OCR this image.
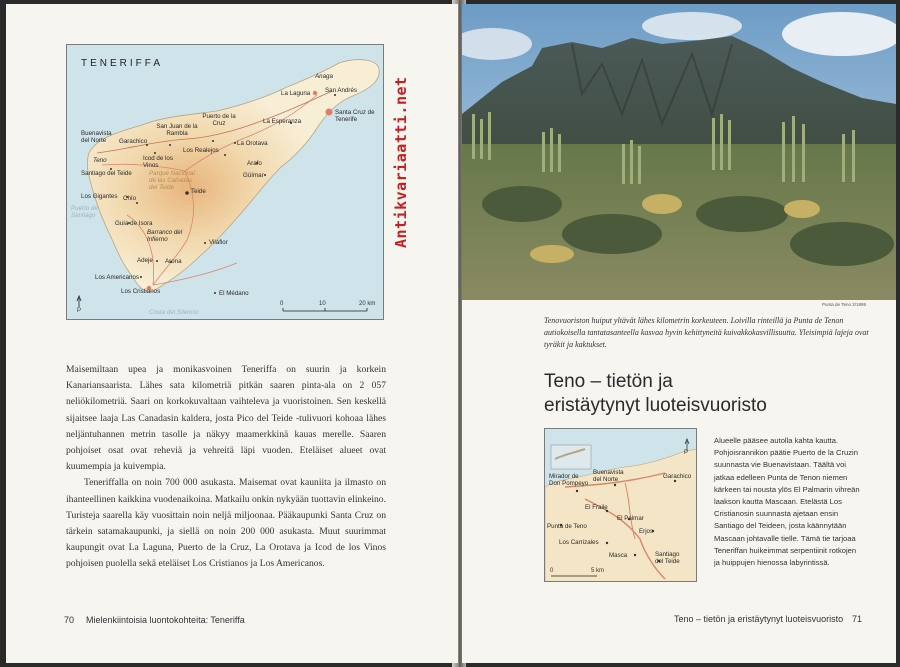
TENERIFFA
Anaga
San Andrés
La Laguna
Santa Cruz de Tenerife
La Esperanza
Puerto de la Cruz
San Juan de la Rambla
Los Realejos
La Orotava
Buenavista del Norte	Garachico
Icod de los Vinos
Teno
Santiago del Teide
Arafo
Güímar
Parque Nacional de las Cañadas del Teide
Teide
Los Gigantes Chío
Puerto de Santiago
Guía de Isora
Barranco del Infierno	Vilaflor
Adeje Arona
Los Americanos
Los Cristianos	El Médano
Costa del Silencio
P
0	10	20 km

Maisemiltaan upea ja monikasvoinen Teneriffa on suurin ja korkein Kanariansaarista. Lähes sata kilometriä pitkän saaren pinta-ala on 2 057 neliökilometriä. Saari on korkokuvaltaan vaihteleva ja vuoristoinen. Sen keskellä sijaitsee laaja Las Canadasin kaldera, josta Pico del Teide -tulivuori kohoaa lähes neljäntuhannen metrin tasolle ja näkyy maamerkkinä kauas merelle. Saaren pohjoiset osat ovat reheviä ja vehreitä läpi vuoden. Eteläiset alueet ovat kuumempia ja kuivempia.

Teneriffalla on noin 700 000 asukasta. Maisemat ovat kauniita ja ilmasto on ihanteellinen kaikkina vuodenaikoina. Matkailu onkin nykyään tuottavin elinkeino. Turisteja saarella käy vuosittain noin neljä miljoonaa. Pääkaupunki Santa Cruz on tärkein satamakaupunki, ja siellä on noin 200 000 asukasta. Muut suurimmat kaupungit ovat La Laguna, Puerto de la Cruz, La Orotava ja Icod de los Vinos pohjoisen puolella sekä eteläiset Los Cristianos ja Los Americanos.

70 Mielenkiintoisia luontokohteita: Teneriffa
Antikvariaatti.net
Punta de Teno 2/1999
Tenovuoriston huiput yltävät lähes kilometrin korkeuteen. Loivilla rinteillä ja Punta de Tenon autiokoisella tantatasanteella kasvaa hyvin kehittyneitä kuivakkokasvillisuutta. Yleisimpiä lajeja ovat tyräkit ja kaktukset.
Teno – tietön ja
eristäytynyt luoteisvuoristo
Mirador de Don Pompeyo
Buenavista del Norte	Garachico
El Fraile
El Palmar
Punta de Teno
Erjos
Los Carrizales
Masca	Santiago del Teide
P
0	5 km
Alueelle pääsee autolla kahta kautta. Pohjoisrannikon päätie Puerto de la Cruzin suunnasta vie Buenavistaan. Täältä voi jatkaa edelleen Punta de Tenon niemen kärkeen tai nousta ylös El Palmarin vihreän laakson kautta Mascaan. Etelästä Los Cristianosin suunnasta ajetaan ensin Santiago del Teideen, josta käännytään Mascaan johtavalle tielle. Tämä tie tarjoaa Teneriffan huikeimmat serpentiinit rotkojen ja huippujen hienossa labyrintissä.
Teno – tietön ja eristäytynyt luoteisvuoristo 71
